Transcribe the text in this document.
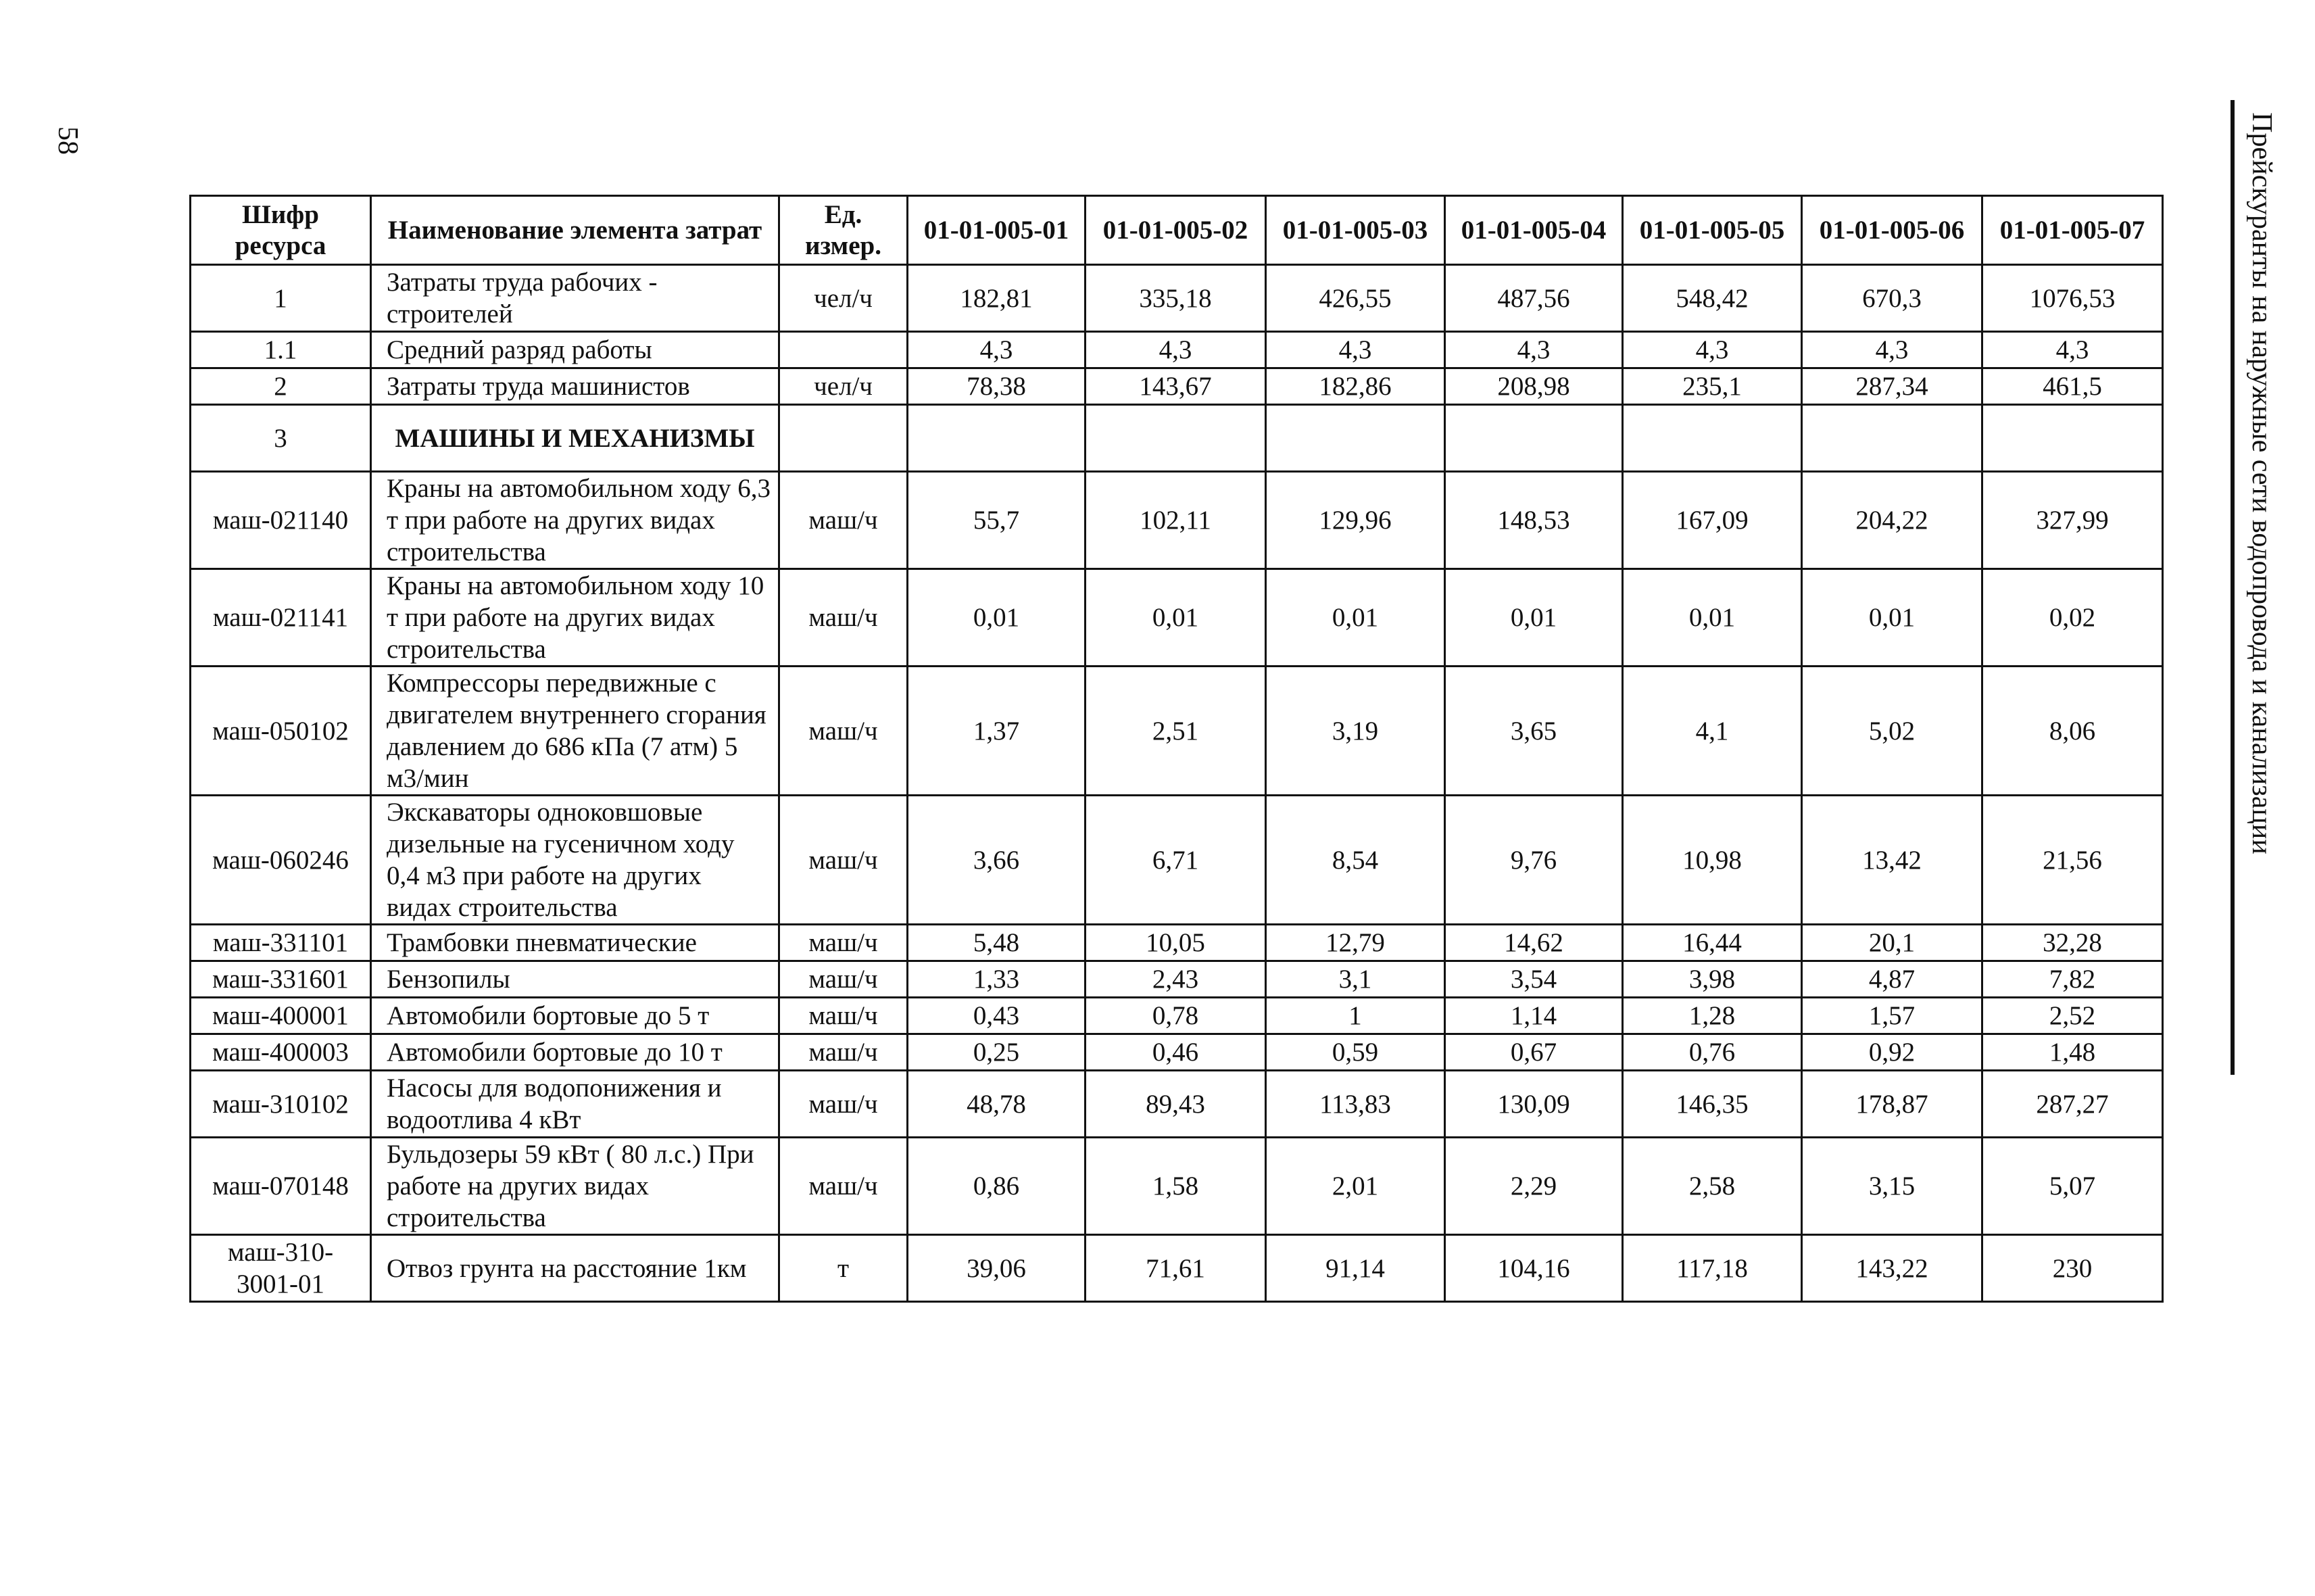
58	Прейскуранты на наружные сети водопровода и канализации
Шифр ресурса	Наименование элемента затрат	Ед. измер.	01-01-005-01	01-01-005-02	01-01-005-03	01-01-005-04	01-01-005-05	01-01-005-06	01-01-005-07
1	Затраты труда рабочих - строителей	чел/ч	182,81	335,18	426,55	487,56	548,42	670,3	1076,53
1.1	Средний разряд работы		4,3	4,3	4,3	4,3	4,3	4,3	4,3
2	Затраты труда машинистов	чел/ч	78,38	143,67	182,86	208,98	235,1	287,34	461,5
3	МАШИНЫ И МЕХАНИЗМЫ								
маш-021140	Краны на автомобильном ходу 6,3 т при работе на других видах строительства	маш/ч	55,7	102,11	129,96	148,53	167,09	204,22	327,99
маш-021141	Краны на автомобильном ходу 10 т при работе на других видах строительства	маш/ч	0,01	0,01	0,01	0,01	0,01	0,01	0,02
маш-050102	Компрессоры передвижные с двигателем внутреннего сгорания давлением до 686 кПа (7 атм) 5 м3/мин	маш/ч	1,37	2,51	3,19	3,65	4,1	5,02	8,06
маш-060246	Экскаваторы одноковшовые дизельные на гусеничном ходу 0,4 м3 при работе на других видах строительства	маш/ч	3,66	6,71	8,54	9,76	10,98	13,42	21,56
маш-331101	Трамбовки пневматические	маш/ч	5,48	10,05	12,79	14,62	16,44	20,1	32,28
маш-331601	Бензопилы	маш/ч	1,33	2,43	3,1	3,54	3,98	4,87	7,82
маш-400001	Автомобили бортовые до 5 т	маш/ч	0,43	0,78	1	1,14	1,28	1,57	2,52
маш-400003	Автомобили бортовые до 10 т	маш/ч	0,25	0,46	0,59	0,67	0,76	0,92	1,48
маш-310102	Насосы для водопонижения и водоотлива 4 кВт	маш/ч	48,78	89,43	113,83	130,09	146,35	178,87	287,27
маш-070148	Бульдозеры 59 кВт ( 80 л.с.) При работе на других видах строительства	маш/ч	0,86	1,58	2,01	2,29	2,58	3,15	5,07
маш-310-3001-01	Отвоз грунта на расстояние 1км	т	39,06	71,61	91,14	104,16	117,18	143,22	230
